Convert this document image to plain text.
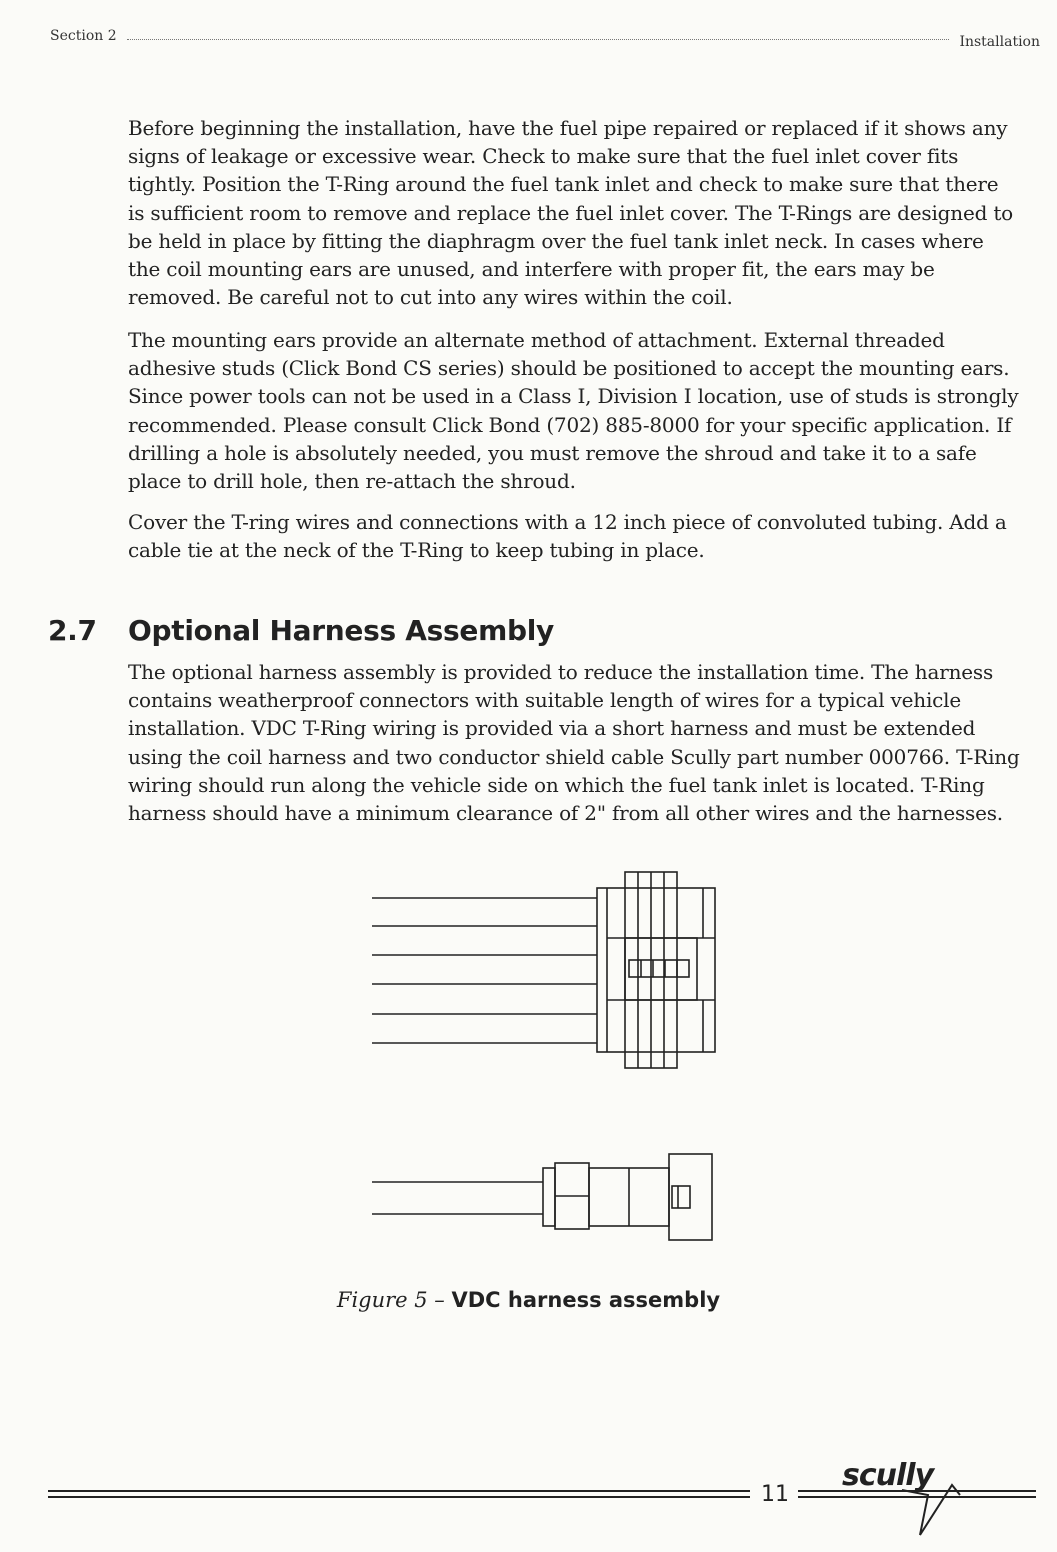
Section 2	Installation

Before beginning the installation, have the fuel pipe repaired or replaced if it shows any signs of leakage or excessive wear. Check to make sure that the fuel inlet cover fits tightly. Position the T-Ring around the fuel tank inlet and check to make sure that there is sufficient room to remove and replace the fuel inlet cover. The T-Rings are designed to be held in place by fitting the diaphragm over the fuel tank inlet neck. In cases where the coil mounting ears are unused, and interfere with proper fit, the ears may be removed. Be careful not to cut into any wires within the coil.

The mounting ears provide an alternate method of attachment. External threaded adhesive studs (Click Bond CS series) should be positioned to accept the mounting ears. Since power tools can not be used in a Class I, Division I location, use of studs is strongly recommended. Please consult Click Bond (702) 885-8000 for your specific application. If drilling a hole is absolutely needed, you must remove the shroud and take it to a safe place to drill hole, then re-attach the shroud.

Cover the T-ring wires and connections with a 12 inch piece of convoluted tubing. Add a cable tie at the neck of the T-Ring to keep tubing in place.

2.7 Optional Harness Assembly

The optional harness assembly is provided to reduce the installation time. The harness contains weatherproof connectors with suitable length of wires for a typical vehicle installation. VDC T-Ring wiring is provided via a short harness and must be extended using the coil harness and two conductor shield cable Scully part number 000766. T-Ring wiring should run along the vehicle side on which the fuel tank inlet is located. T-Ring harness should have a minimum clearance of 2" from all other wires and the harnesses.

Figure 5 – VDC harness assembly
11
scully
